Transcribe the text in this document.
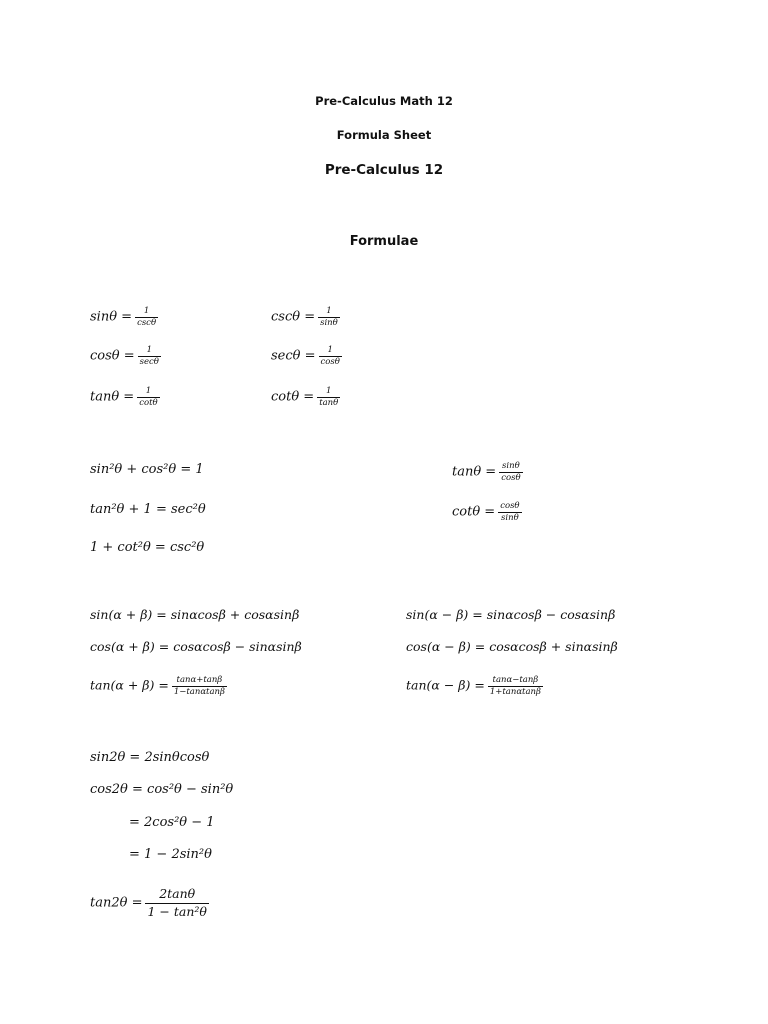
Pre-Calculus Math 12
Formula Sheet
Pre-Calculus 12
Formulae
$\sin\theta = \frac{1}{\csc\theta}$
$\cos\theta = \frac{1}{\sec\theta}$
$\tan\theta = \frac{1}{\cot\theta}$
$\csc\theta = \frac{1}{\sin\theta}$
$\sec\theta = \frac{1}{\cos\theta}$
$\cot\theta = \frac{1}{\tan\theta}$
sin²θ + cos²θ = 1
tan²θ + 1 = sec²θ
1 + cot²θ = csc²θ
$\tan\theta = \frac{\sin\theta}{\cos\theta}$
$\cot\theta = \frac{\cos\theta}{\sin\theta}$
sin(α + β) = sinαcosβ + cosαsinβ
cos(α + β) = cosαcosβ − sinαsinβ
$\tan(\alpha + \beta) = \frac{\tan\alpha+\tan\beta}{1-\tan\alpha\tan\beta}$
sin(α − β) = sinαcosβ − cosαsinβ
cos(α − β) = cosαcosβ + sinαsinβ
$\tan(\alpha - \beta) = \frac{\tan\alpha-\tan\beta}{1+\tan\alpha\tan\beta}$
sin2θ = 2sinθcosθ
cos2θ = cos²θ − sin²θ
= 2cos²θ − 1
= 1 − 2sin²θ
$\tan 2\theta = \frac{2\tan\theta}{\text{1 − tan²θ}}$
